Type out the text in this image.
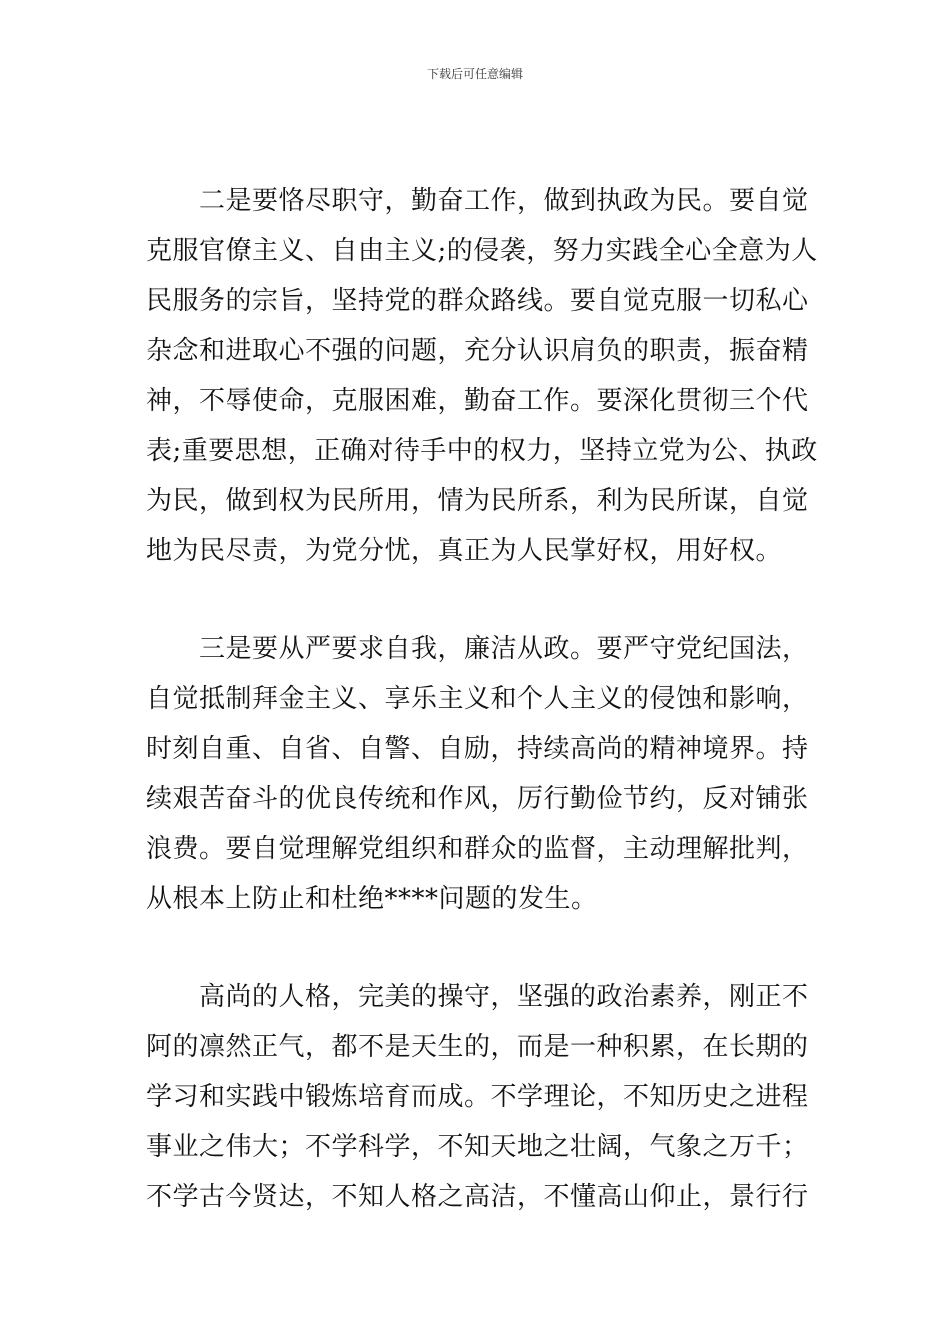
下载后可任意编辑
　　二是要恪尽职守，勤奋工作，做到执政为民。要自觉
克服官僚主义、自由主义;的侵袭，努力实践全心全意为人
民服务的宗旨，坚持党的群众路线。要自觉克服一切私心
杂念和进取心不强的问题，充分认识肩负的职责，振奋精
神，不辱使命，克服困难，勤奋工作。要深化贯彻三个代
表;重要思想，正确对待手中的权力，坚持立党为公、执政
为民，做到权为民所用，情为民所系，利为民所谋，自觉
地为民尽责，为党分忧，真正为人民掌好权，用好权。
　　三是要从严要求自我，廉洁从政。要严守党纪国法，
自觉抵制拜金主义、享乐主义和个人主义的侵蚀和影响，
时刻自重、自省、自警、自励，持续高尚的精神境界。持
续艰苦奋斗的优良传统和作风，厉行勤俭节约，反对铺张
浪费。要自觉理解党组织和群众的监督，主动理解批判，
从根本上防止和杜绝****问题的发生。
　　高尚的人格，完美的操守，坚强的政治素养，刚正不
阿的凛然正气，都不是天生的，而是一种积累，在长期的
学习和实践中锻炼培育而成。不学理论，不知历史之进程
事业之伟大；不学科学，不知天地之壮阔，气象之万千；
不学古今贤达，不知人格之高洁，不懂高山仰止，景行行
